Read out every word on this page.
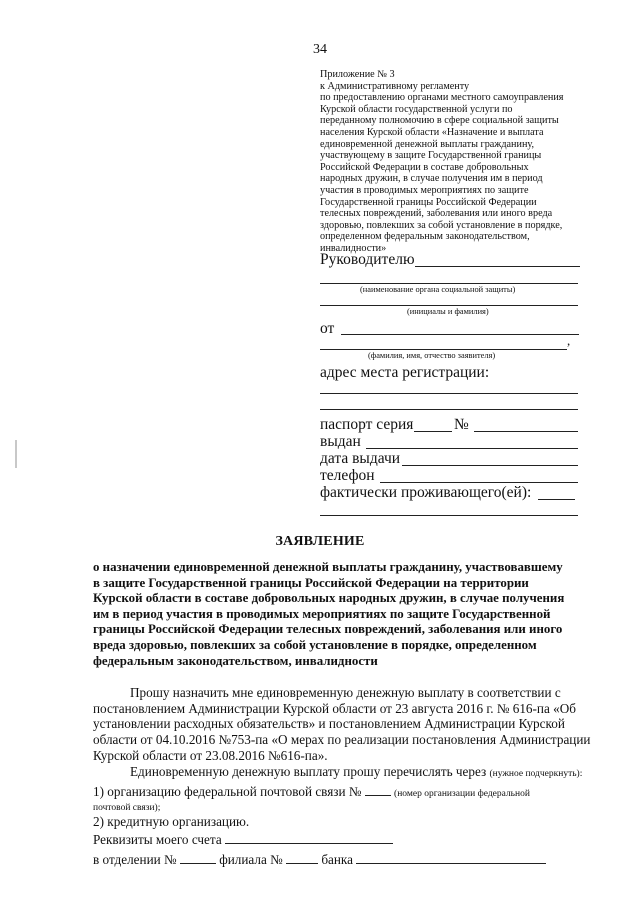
34
Приложение № 3
к Административному регламенту
по предоставлению органами местного самоуправления
Курской области государственной услуги по
переданному полномочию в сфере социальной защиты
населения Курской области «Назначение и выплата
единовременной денежной выплаты гражданину,
участвующему в защите Государственной границы
Российской Федерации в составе добровольных
народных дружин, в случае получения им в период
участия в проводимых мероприятиях по защите
Государственной границы Российской Федерации
телесных повреждений, заболевания или иного вреда
здоровью, повлекших за собой установление в порядке,
определенном федеральным законодательством,
инвалидности»
Руководителю
(наименование органа социальной защиты)
(инициалы и фамилия)
от
,
(фамилия, имя, отчество заявителя)
адрес места регистрации:
паспорт серия	№
выдан
дата выдачи
телефон
фактически проживающего(ей):
ЗАЯВЛЕНИЕ
о назначении единовременной денежной выплаты гражданину, участвовавшему
в защите Государственной границы Российской Федерации на территории
Курской области в составе добровольных народных дружин, в случае получения
им в период участия в проводимых мероприятиях по защите Государственной
границы Российской Федерации телесных повреждений, заболевания или иного
вреда здоровью, повлекших за собой установление в порядке, определенном
федеральным законодательством, инвалидности
Прошу назначить мне единовременную денежную выплату в соответствии с
постановлением Администрации Курской области от 23 августа 2016 г. № 616-па «Об
установлении расходных обязательств» и постановлением Администрации Курской
области от 04.10.2016 №753-па «О мерах по реализации постановления Администрации
Курской области от 23.08.2016 №616-па».
Единовременную денежную выплату прошу перечислять через (нужное подчеркнуть):
1) организацию федеральной почтовой связи №	(номер организации федеральной
почтовой связи);
2) кредитную организацию.
Реквизиты моего счета
в отделении №	филиала №	банка
